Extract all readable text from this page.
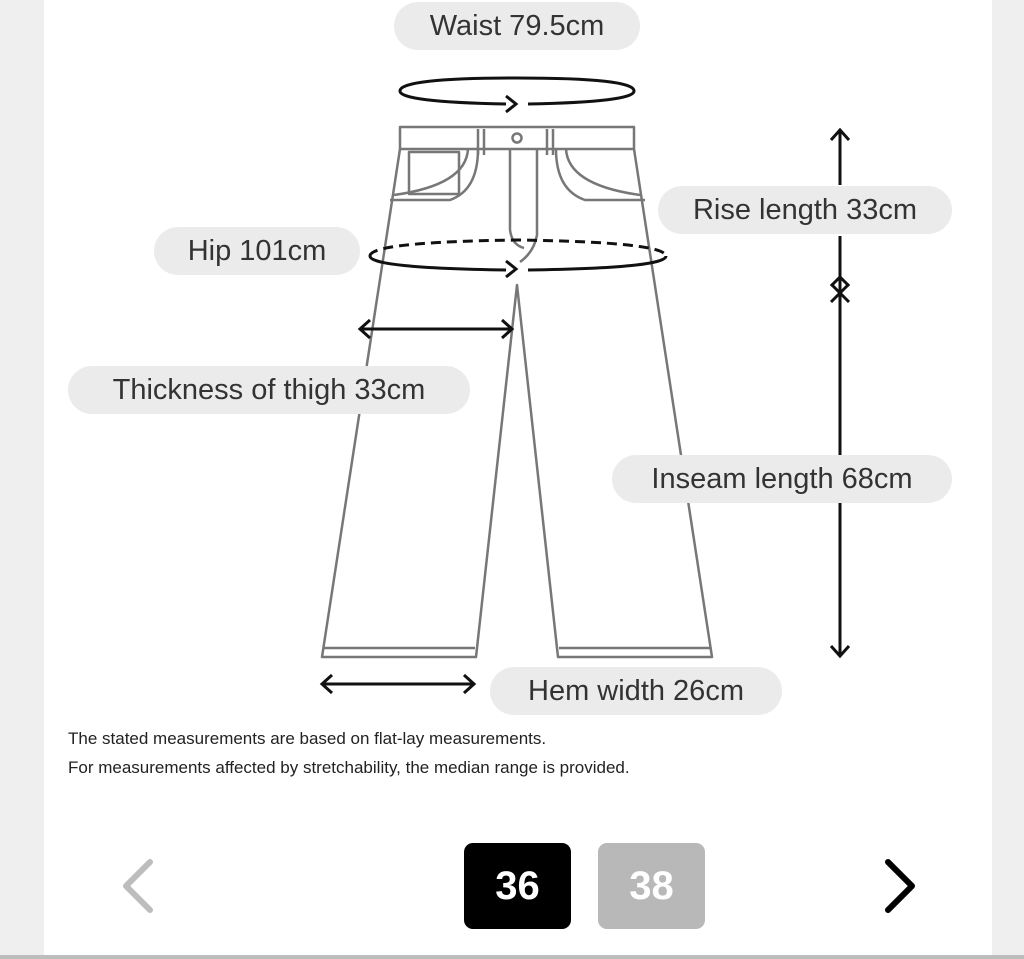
Waist 79.5cm
Rise length 33cm
Hip 101cm
Thickness of thigh 33cm
Inseam length 68cm
Hem width 26cm
The stated measurements are based on flat-lay measurements.
For measurements affected by stretchability, the median range is provided.
36	38
